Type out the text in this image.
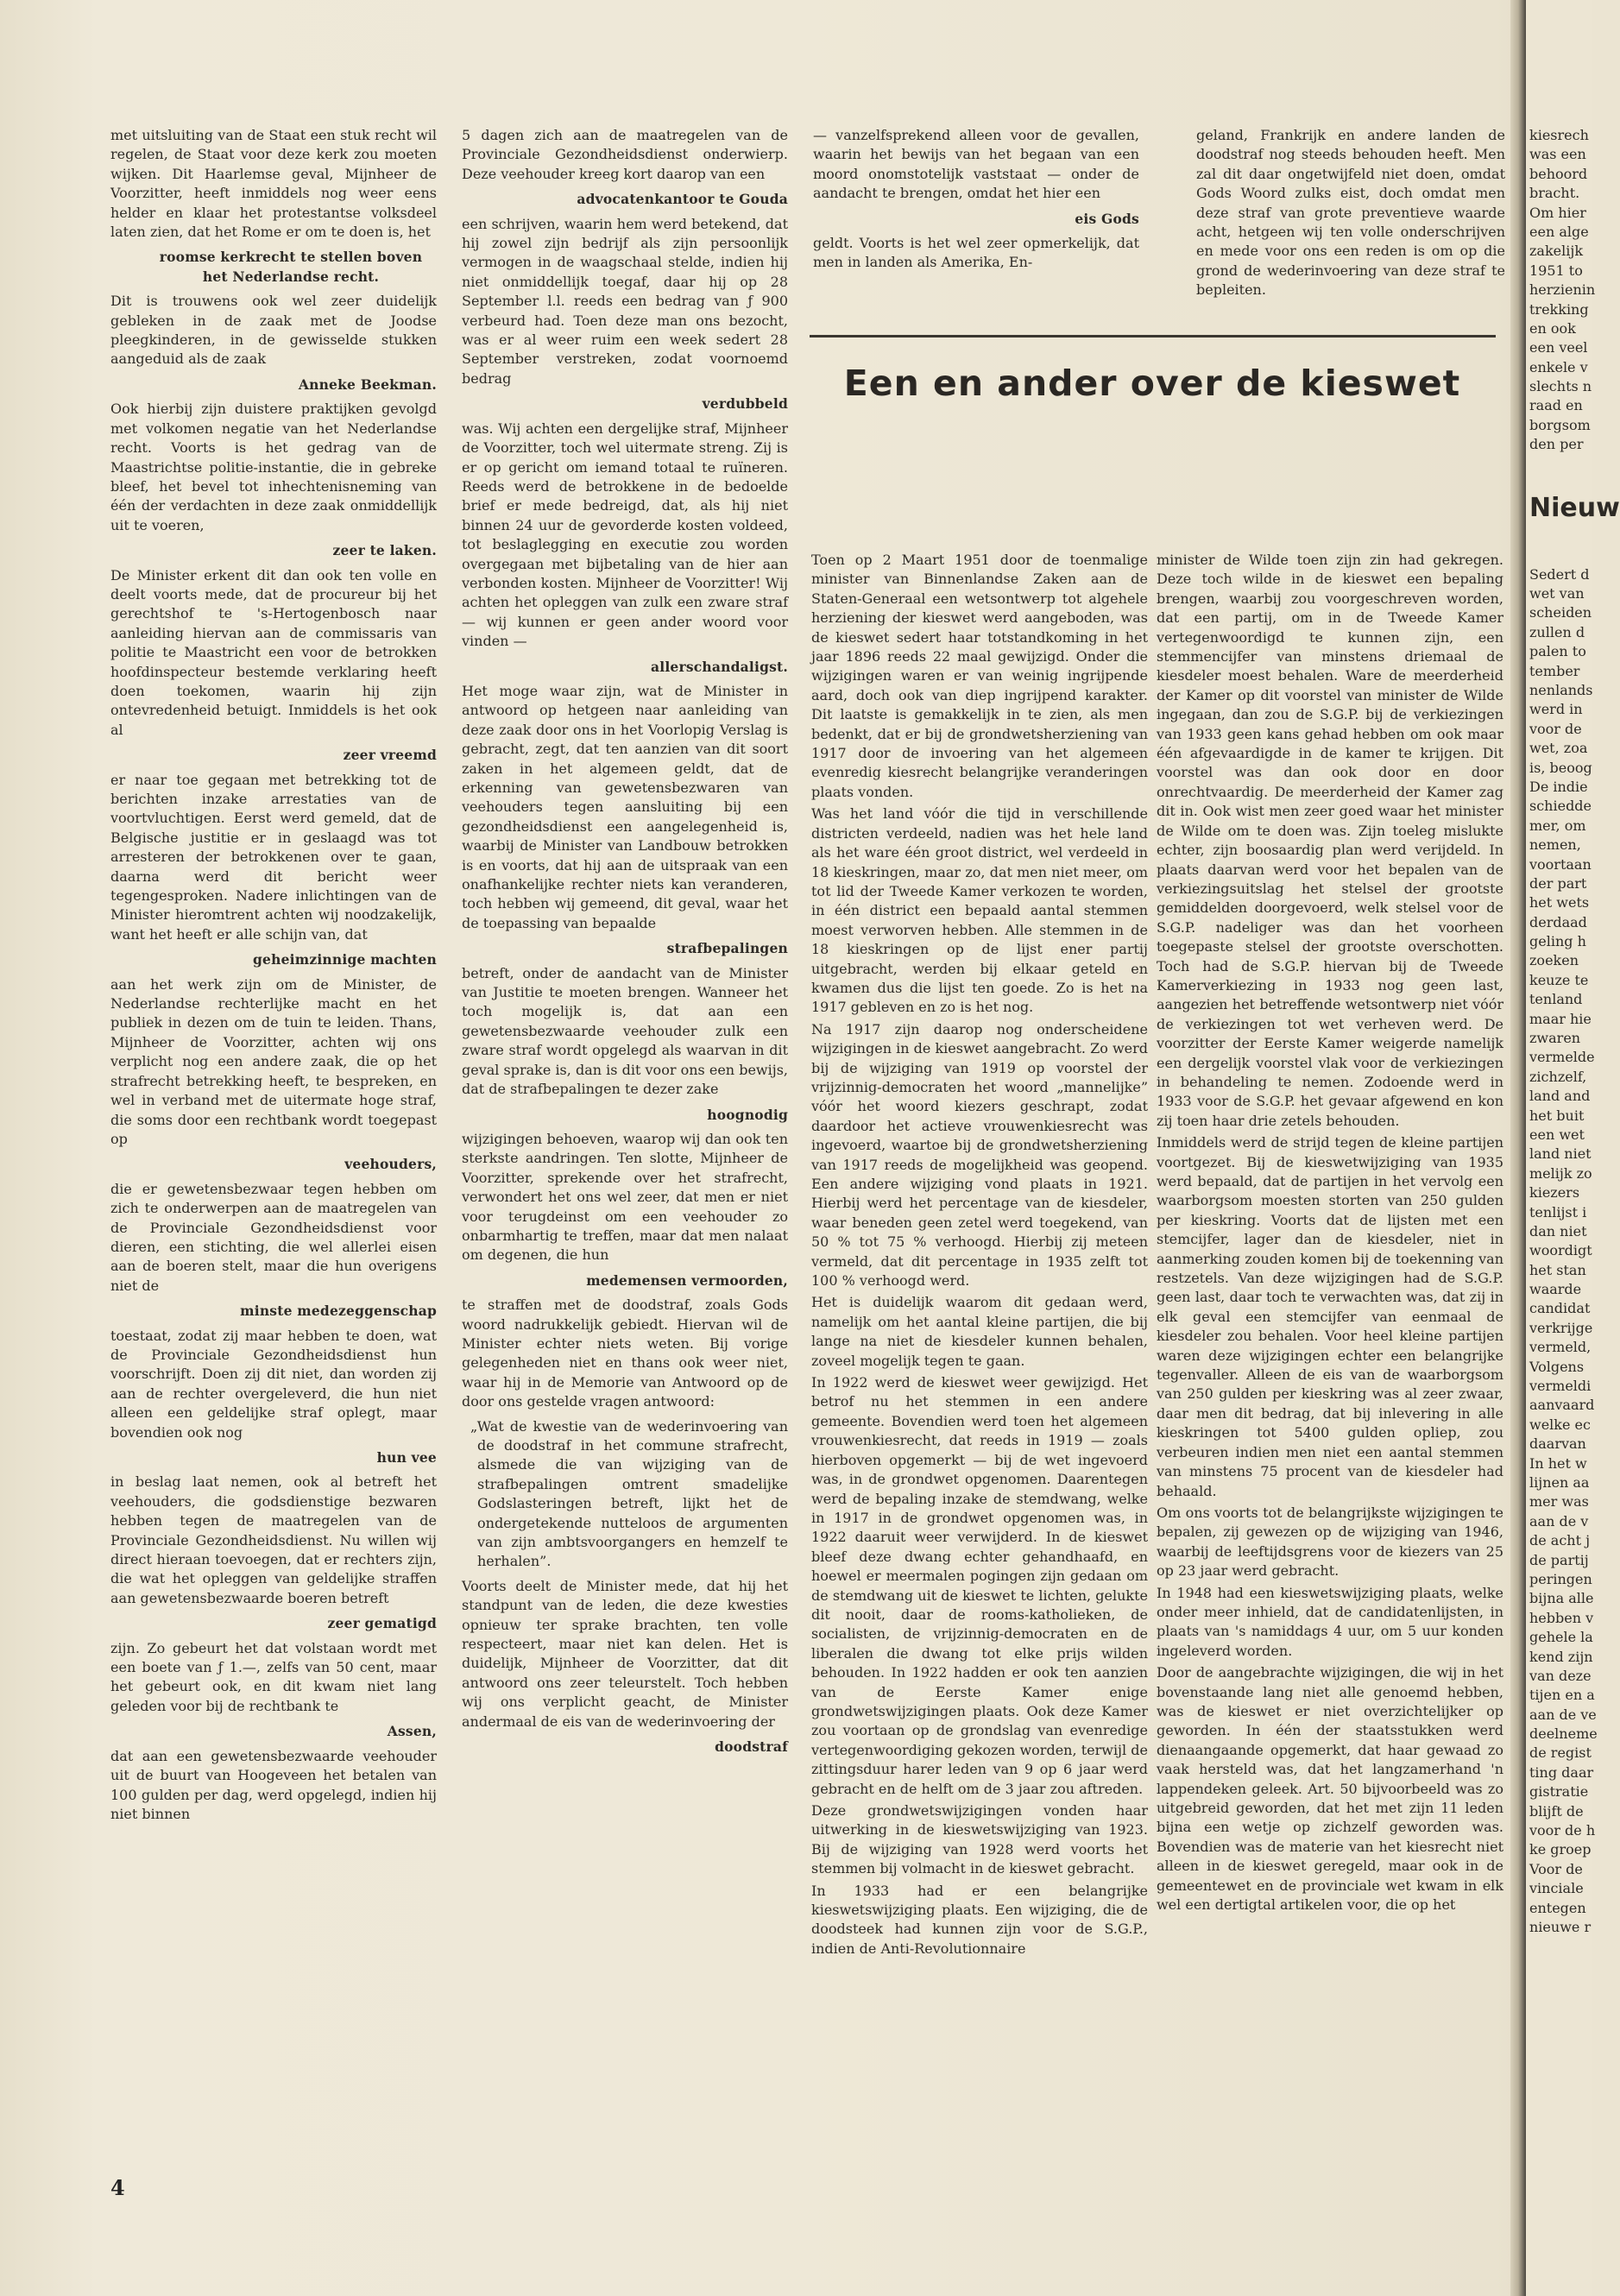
met uitsluiting van de Staat een stuk recht wil regelen, de Staat voor deze kerk zou moeten wijken. Dit Haarlemse geval, Mijnheer de Voorzitter, heeft inmiddels nog weer eens helder en klaar het protestantse volksdeel laten zien, dat het Rome er om te doen is, het

roomse kerkrecht te stellen boven het Nederlandse recht.

Dit is trouwens ook wel zeer duidelijk gebleken in de zaak met de Joodse pleegkinderen, in de gewisselde stukken aangeduid als de zaak

Anneke Beekman.

Ook hierbij zijn duistere praktijken gevolgd met volkomen negatie van het Nederlandse recht. Voorts is het gedrag van de Maastrichtse politie-instantie, die in gebreke bleef, het bevel tot inhechtenisneming van één der verdachten in deze zaak onmiddellijk uit te voeren,

zeer te laken.

De Minister erkent dit dan ook ten volle en deelt voorts mede, dat de procureur bij het gerechtshof te 's-Hertogenbosch naar aanleiding hiervan aan de commissaris van politie te Maastricht een voor de betrokken hoofdinspecteur bestemde verklaring heeft doen toekomen, waarin hij zijn ontevredenheid betuigt. Inmiddels is het ook al

zeer vreemd

er naar toe gegaan met betrekking tot de berichten inzake arrestaties van de voortvluchtigen. Eerst werd gemeld, dat de Belgische justitie er in geslaagd was tot arresteren der betrokkenen over te gaan, daarna werd dit bericht weer tegengesproken. Nadere inlichtingen van de Minister hieromtrent achten wij noodzakelijk, want het heeft er alle schijn van, dat

geheimzinnige machten

aan het werk zijn om de Minister, de Nederlandse rechterlijke macht en het publiek in dezen om de tuin te leiden. Thans, Mijnheer de Voorzitter, achten wij ons verplicht nog een andere zaak, die op het strafrecht betrekking heeft, te bespreken, en wel in verband met de uitermate hoge straf, die soms door een rechtbank wordt toegepast op

veehouders,

die er gewetensbezwaar tegen hebben om zich te onderwerpen aan de maatregelen van de Provinciale Gezondheidsdienst voor dieren, een stichting, die wel allerlei eisen aan de boeren stelt, maar die hun overigens niet de

minste medezeggenschap

toestaat, zodat zij maar hebben te doen, wat de Provinciale Gezondheidsdienst hun voorschrijft. Doen zij dit niet, dan worden zij aan de rechter overgeleverd, die hun niet alleen een geldelijke straf oplegt, maar bovendien ook nog

hun vee

in beslag laat nemen, ook al betreft het veehouders, die godsdienstige bezwaren hebben tegen de maatregelen van de Provinciale Gezondheidsdienst. Nu willen wij direct hieraan toevoegen, dat er rechters zijn, die wat het opleggen van geldelijke straffen aan gewetensbezwaarde boeren betreft

zeer gematigd

zijn. Zo gebeurt het dat volstaan wordt met een boete van ƒ 1.—, zelfs van 50 cent, maar het gebeurt ook, en dit kwam niet lang geleden voor bij de rechtbank te

Assen,

dat aan een gewetensbezwaarde veehouder uit de buurt van Hoogeveen het betalen van 100 gulden per dag, werd opgelegd, indien hij niet binnen

5 dagen zich aan de maatregelen van de Provinciale Gezondheidsdienst onderwierp. Deze veehouder kreeg kort daarop van een

advocatenkantoor te Gouda

een schrijven, waarin hem werd betekend, dat hij zowel zijn bedrijf als zijn persoonlijk vermogen in de waagschaal stelde, indien hij niet onmiddellijk toegaf, daar hij op 28 September l.l. reeds een bedrag van ƒ 900 verbeurd had. Toen deze man ons bezocht, was er al weer ruim een week sedert 28 September verstreken, zodat voornoemd bedrag

verdubbeld

was. Wij achten een dergelijke straf, Mijnheer de Voorzitter, toch wel uitermate streng. Zij is er op gericht om iemand totaal te ruïneren. Reeds werd de betrokkene in de bedoelde brief er mede bedreigd, dat, als hij niet binnen 24 uur de gevorderde kosten voldeed, tot beslaglegging en executie zou worden overgegaan met bijbetaling van de hier aan verbonden kosten. Mijnheer de Voorzitter! Wij achten het opleggen van zulk een zware straf — wij kunnen er geen ander woord voor vinden —

allerschandaligst.

Het moge waar zijn, wat de Minister in antwoord op hetgeen naar aanleiding van deze zaak door ons in het Voorlopig Verslag is gebracht, zegt, dat ten aanzien van dit soort zaken in het algemeen geldt, dat de erkenning van gewetensbezwaren van veehouders tegen aansluiting bij een gezondheidsdienst een aangelegenheid is, waarbij de Minister van Landbouw betrokken is en voorts, dat hij aan de uitspraak van een onafhankelijke rechter niets kan veranderen, toch hebben wij gemeend, dit geval, waar het de toepassing van bepaalde

strafbepalingen

betreft, onder de aandacht van de Minister van Justitie te moeten brengen. Wanneer het toch mogelijk is, dat aan een gewetensbezwaarde veehouder zulk een zware straf wordt opgelegd als waarvan in dit geval sprake is, dan is dit voor ons een bewijs, dat de strafbepalingen te dezer zake

hoognodig

wijzigingen behoeven, waarop wij dan ook ten sterkste aandringen. Ten slotte, Mijnheer de Voorzitter, sprekende over het strafrecht, verwondert het ons wel zeer, dat men er niet voor terugdeinst om een veehouder zo onbarmhartig te treffen, maar dat men nalaat om degenen, die hun

medemensen vermoorden,

te straffen met de doodstraf, zoals Gods woord nadrukkelijk gebiedt. Hiervan wil de Minister echter niets weten. Bij vorige gelegenheden niet en thans ook weer niet, waar hij in de Memorie van Antwoord op de door ons gestelde vragen antwoord:

„Wat de kwestie van de wederinvoering van de doodstraf in het commune strafrecht, alsmede die van wijziging van de strafbepalingen omtrent smadelijke Godslasteringen betreft, lijkt het de ondergetekende nutteloos de argumenten van zijn ambtsvoorgangers en hemzelf te herhalen”.

Voorts deelt de Minister mede, dat hij het standpunt van de leden, die deze kwesties opnieuw ter sprake brachten, ten volle respecteert, maar niet kan delen. Het is duidelijk, Mijnheer de Voorzitter, dat dit antwoord ons zeer teleurstelt. Toch hebben wij ons verplicht geacht, de Minister andermaal de eis van de wederinvoering der

doodstraf

— vanzelfsprekend alleen voor de gevallen, waarin het bewijs van het begaan van een moord onomstotelijk vaststaat — onder de aandacht te brengen, omdat het hier een

eis Gods

geldt. Voorts is het wel zeer opmerkelijk, dat men in landen als Amerika, En-

geland, Frankrijk en andere landen de doodstraf nog steeds behouden heeft. Men zal dit daar ongetwijfeld niet doen, omdat Gods Woord zulks eist, doch omdat men deze straf van grote preventieve waarde acht, hetgeen wij ten volle onderschrijven en mede voor ons een reden is om op die grond de wederinvoering van deze straf te bepleiten.

Een en ander over de kieswet

Toen op 2 Maart 1951 door de toenmalige minister van Binnenlandse Zaken aan de Staten-Generaal een wetsontwerp tot algehele herziening der kieswet werd aangeboden, was de kieswet sedert haar totstandkoming in het jaar 1896 reeds 22 maal gewijzigd. Onder die wijzigingen waren er van weinig ingrijpende aard, doch ook van diep ingrijpend karakter. Dit laatste is gemakkelijk in te zien, als men bedenkt, dat er bij de grondwetsherziening van 1917 door de invoering van het algemeen evenredig kiesrecht belangrijke veranderingen plaats vonden.

Was het land vóór die tijd in verschillende districten verdeeld, nadien was het hele land als het ware één groot district, wel verdeeld in 18 kieskringen, maar zo, dat men niet meer, om tot lid der Tweede Kamer verkozen te worden, in één district een bepaald aantal stemmen moest verworven hebben. Alle stemmen in de 18 kieskringen op de lijst ener partij uitgebracht, werden bij elkaar geteld en kwamen dus die lijst ten goede. Zo is het na 1917 gebleven en zo is het nog.

Na 1917 zijn daarop nog onderscheidene wijzigingen in de kieswet aangebracht. Zo werd bij de wijziging van 1919 op voorstel der vrijzinnig-democraten het woord „mannelijke” vóór het woord kiezers geschrapt, zodat daardoor het actieve vrouwenkiesrecht was ingevoerd, waartoe bij de grondwetsherziening van 1917 reeds de mogelijkheid was geopend. Een andere wijziging vond plaats in 1921. Hierbij werd het percentage van de kiesdeler, waar beneden geen zetel werd toegekend, van 50 % tot 75 % verhoogd. Hierbij zij meteen vermeld, dat dit percentage in 1935 zelft tot 100 % verhoogd werd.

Het is duidelijk waarom dit gedaan werd, namelijk om het aantal kleine partijen, die bij lange na niet de kiesdeler kunnen behalen, zoveel mogelijk tegen te gaan.

In 1922 werd de kieswet weer gewijzigd. Het betrof nu het stemmen in een andere gemeente. Bovendien werd toen het algemeen vrouwenkiesrecht, dat reeds in 1919 — zoals hierboven opgemerkt — bij de wet ingevoerd was, in de grondwet opgenomen. Daarentegen werd de bepaling inzake de stemdwang, welke in 1917 in de grondwet opgenomen was, in 1922 daaruit weer verwijderd. In de kieswet bleef deze dwang echter gehandhaafd, en hoewel er meermalen pogingen zijn gedaan om de stemdwang uit de kieswet te lichten, gelukte dit nooit, daar de rooms-katholieken, de socialisten, de vrijzinnig-democraten en de liberalen die dwang tot elke prijs wilden behouden. In 1922 hadden er ook ten aanzien van de Eerste Kamer enige grondwetswijzigingen plaats. Ook deze Kamer zou voortaan op de grondslag van evenredige vertegenwoordiging gekozen worden, terwijl de zittingsduur harer leden van 9 op 6 jaar werd gebracht en de helft om de 3 jaar zou aftreden.

Deze grondwetswijzigingen vonden haar uitwerking in de kieswetswijziging van 1923. Bij de wijziging van 1928 werd voorts het stemmen bij volmacht in de kieswet gebracht.

In 1933 had er een belangrijke kieswetswijziging plaats. Een wijziging, die de doodsteek had kunnen zijn voor de S.G.P., indien de Anti-Revolutionnaire

minister de Wilde toen zijn zin had gekregen. Deze toch wilde in de kieswet een bepaling brengen, waarbij zou voorgeschreven worden, dat een partij, om in de Tweede Kamer vertegenwoordigd te kunnen zijn, een stemmencijfer van minstens driemaal de kiesdeler moest behalen. Ware de meerderheid der Kamer op dit voorstel van minister de Wilde ingegaan, dan zou de S.G.P. bij de verkiezingen van 1933 geen kans gehad hebben om ook maar één afgevaardigde in de kamer te krijgen. Dit voorstel was dan ook door en door onrechtvaardig. De meerderheid der Kamer zag dit in. Ook wist men zeer goed waar het minister de Wilde om te doen was. Zijn toeleg mislukte echter, zijn boosaardig plan werd verijdeld. In plaats daarvan werd voor het bepalen van de verkiezingsuitslag het stelsel der grootste gemiddelden doorgevoerd, welk stelsel voor de S.G.P. nadeliger was dan het voorheen toegepaste stelsel der grootste overschotten. Toch had de S.G.P. hiervan bij de Tweede Kamerverkiezing in 1933 nog geen last, aangezien het betreffende wetsontwerp niet vóór de verkiezingen tot wet verheven werd. De voorzitter der Eerste Kamer weigerde namelijk een dergelijk voorstel vlak voor de verkiezingen in behandeling te nemen. Zodoende werd in 1933 voor de S.G.P. het gevaar afgewend en kon zij toen haar drie zetels behouden.

Inmiddels werd de strijd tegen de kleine partijen voortgezet. Bij de kieswetwijziging van 1935 werd bepaald, dat de partijen in het vervolg een waarborgsom moesten storten van 250 gulden per kieskring. Voorts dat de lijsten met een stemcijfer, lager dan de kiesdeler, niet in aanmerking zouden komen bij de toekenning van restzetels. Van deze wijzigingen had de S.G.P. geen last, daar toch te verwachten was, dat zij in elk geval een stemcijfer van eenmaal de kiesdeler zou behalen. Voor heel kleine partijen waren deze wijzigingen echter een belangrijke tegenvaller. Alleen de eis van de waarborgsom van 250 gulden per kieskring was al zeer zwaar, daar men dit bedrag, dat bij inlevering in alle kieskringen tot 5400 gulden opliep, zou verbeuren indien men niet een aantal stemmen van minstens 75 procent van de kiesdeler had behaald.

Om ons voorts tot de belangrijkste wijzigingen te bepalen, zij gewezen op de wijziging van 1946, waarbij de leeftijdsgrens voor de kiezers van 25 op 23 jaar werd gebracht.

In 1948 had een kieswetswijziging plaats, welke onder meer inhield, dat de candidatenlijsten, in plaats van 's namiddags 4 uur, om 5 uur konden ingeleverd worden.

Door de aangebrachte wijzigingen, die wij in het bovenstaande lang niet alle genoemd hebben, was de kieswet er niet overzichtelijker op geworden. In één der staatsstukken werd dienaangaande opgemerkt, dat haar gewaad zo vaak hersteld was, dat het langzamerhand 'n lappendeken geleek. Art. 50 bijvoorbeeld was zo uitgebreid geworden, dat het met zijn 11 leden bijna een wetje op zichzelf geworden was. Bovendien was de materie van het kiesrecht niet alleen in de kieswet geregeld, maar ook in de gemeentewet en de provinciale wet kwam in elk wel een dertigtal artikelen voor, die op het

4
kiesrech
was een
behoord
bracht.
Om hier
een alge
zakelijk
1951 to
herzienin
trekking
en ook
een veel
enkele v
slechts n
raad en
borgsom
den per
Nieuw
Sedert d
wet van
scheiden
zullen d
palen to
tember
nenlands
werd in
voor de
wet, zoa
is, beoog
De indie
schiedde
mer, om
nemen,
voortaan
der part
het wets
derdaad
geling h
zoeken
keuze te
tenland
maar hie
zwaren
vermelde
zichzelf,
land and
het buit
een wet
land niet
melijk zo
kiezers
tenlijst i
dan niet
woordigt
het stan
waarde
candidat
verkrijge
vermeld,
Volgens
vermeldi
aanvaard
welke ec
daarvan
In het w
lijnen aa
mer was
aan de v
de acht j
de partij
peringen
bijna alle
hebben v
gehele la
kend zijn
van deze
tijen en a
aan de ve
deelneme
de regist
ting daar
gistratie
blijft de
voor de h
ke groep
Voor de
vinciale
entegen
nieuwe r
